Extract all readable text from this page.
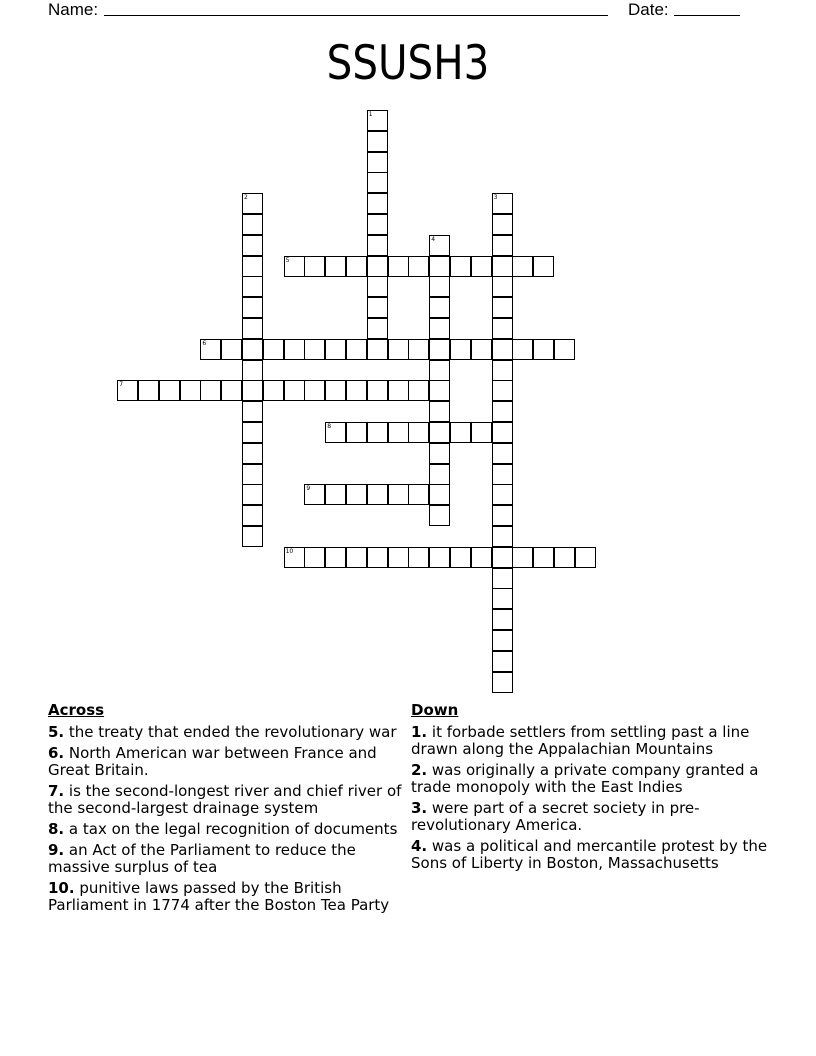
Name:	Date:
SSUSH3
1
2	3
4
5
6
7
8
9
10
Across
5. the treaty that ended the revolutionary war
6. North American war between France and Great Britain.
7. is the second-longest river and chief river of the second-largest drainage system
8. a tax on the legal recognition of documents
9. an Act of the Parliament to reduce the massive surplus of tea
10. punitive laws passed by the British Parliament in 1774 after the Boston Tea Party
Down
1. it forbade settlers from settling past a line drawn along the Appalachian Mountains
2. was originally a private company granted a trade monopoly with the East Indies
3. were part of a secret society in pre-revolutionary America.
4. was a political and mercantile protest by the Sons of Liberty in Boston, Massachusetts
